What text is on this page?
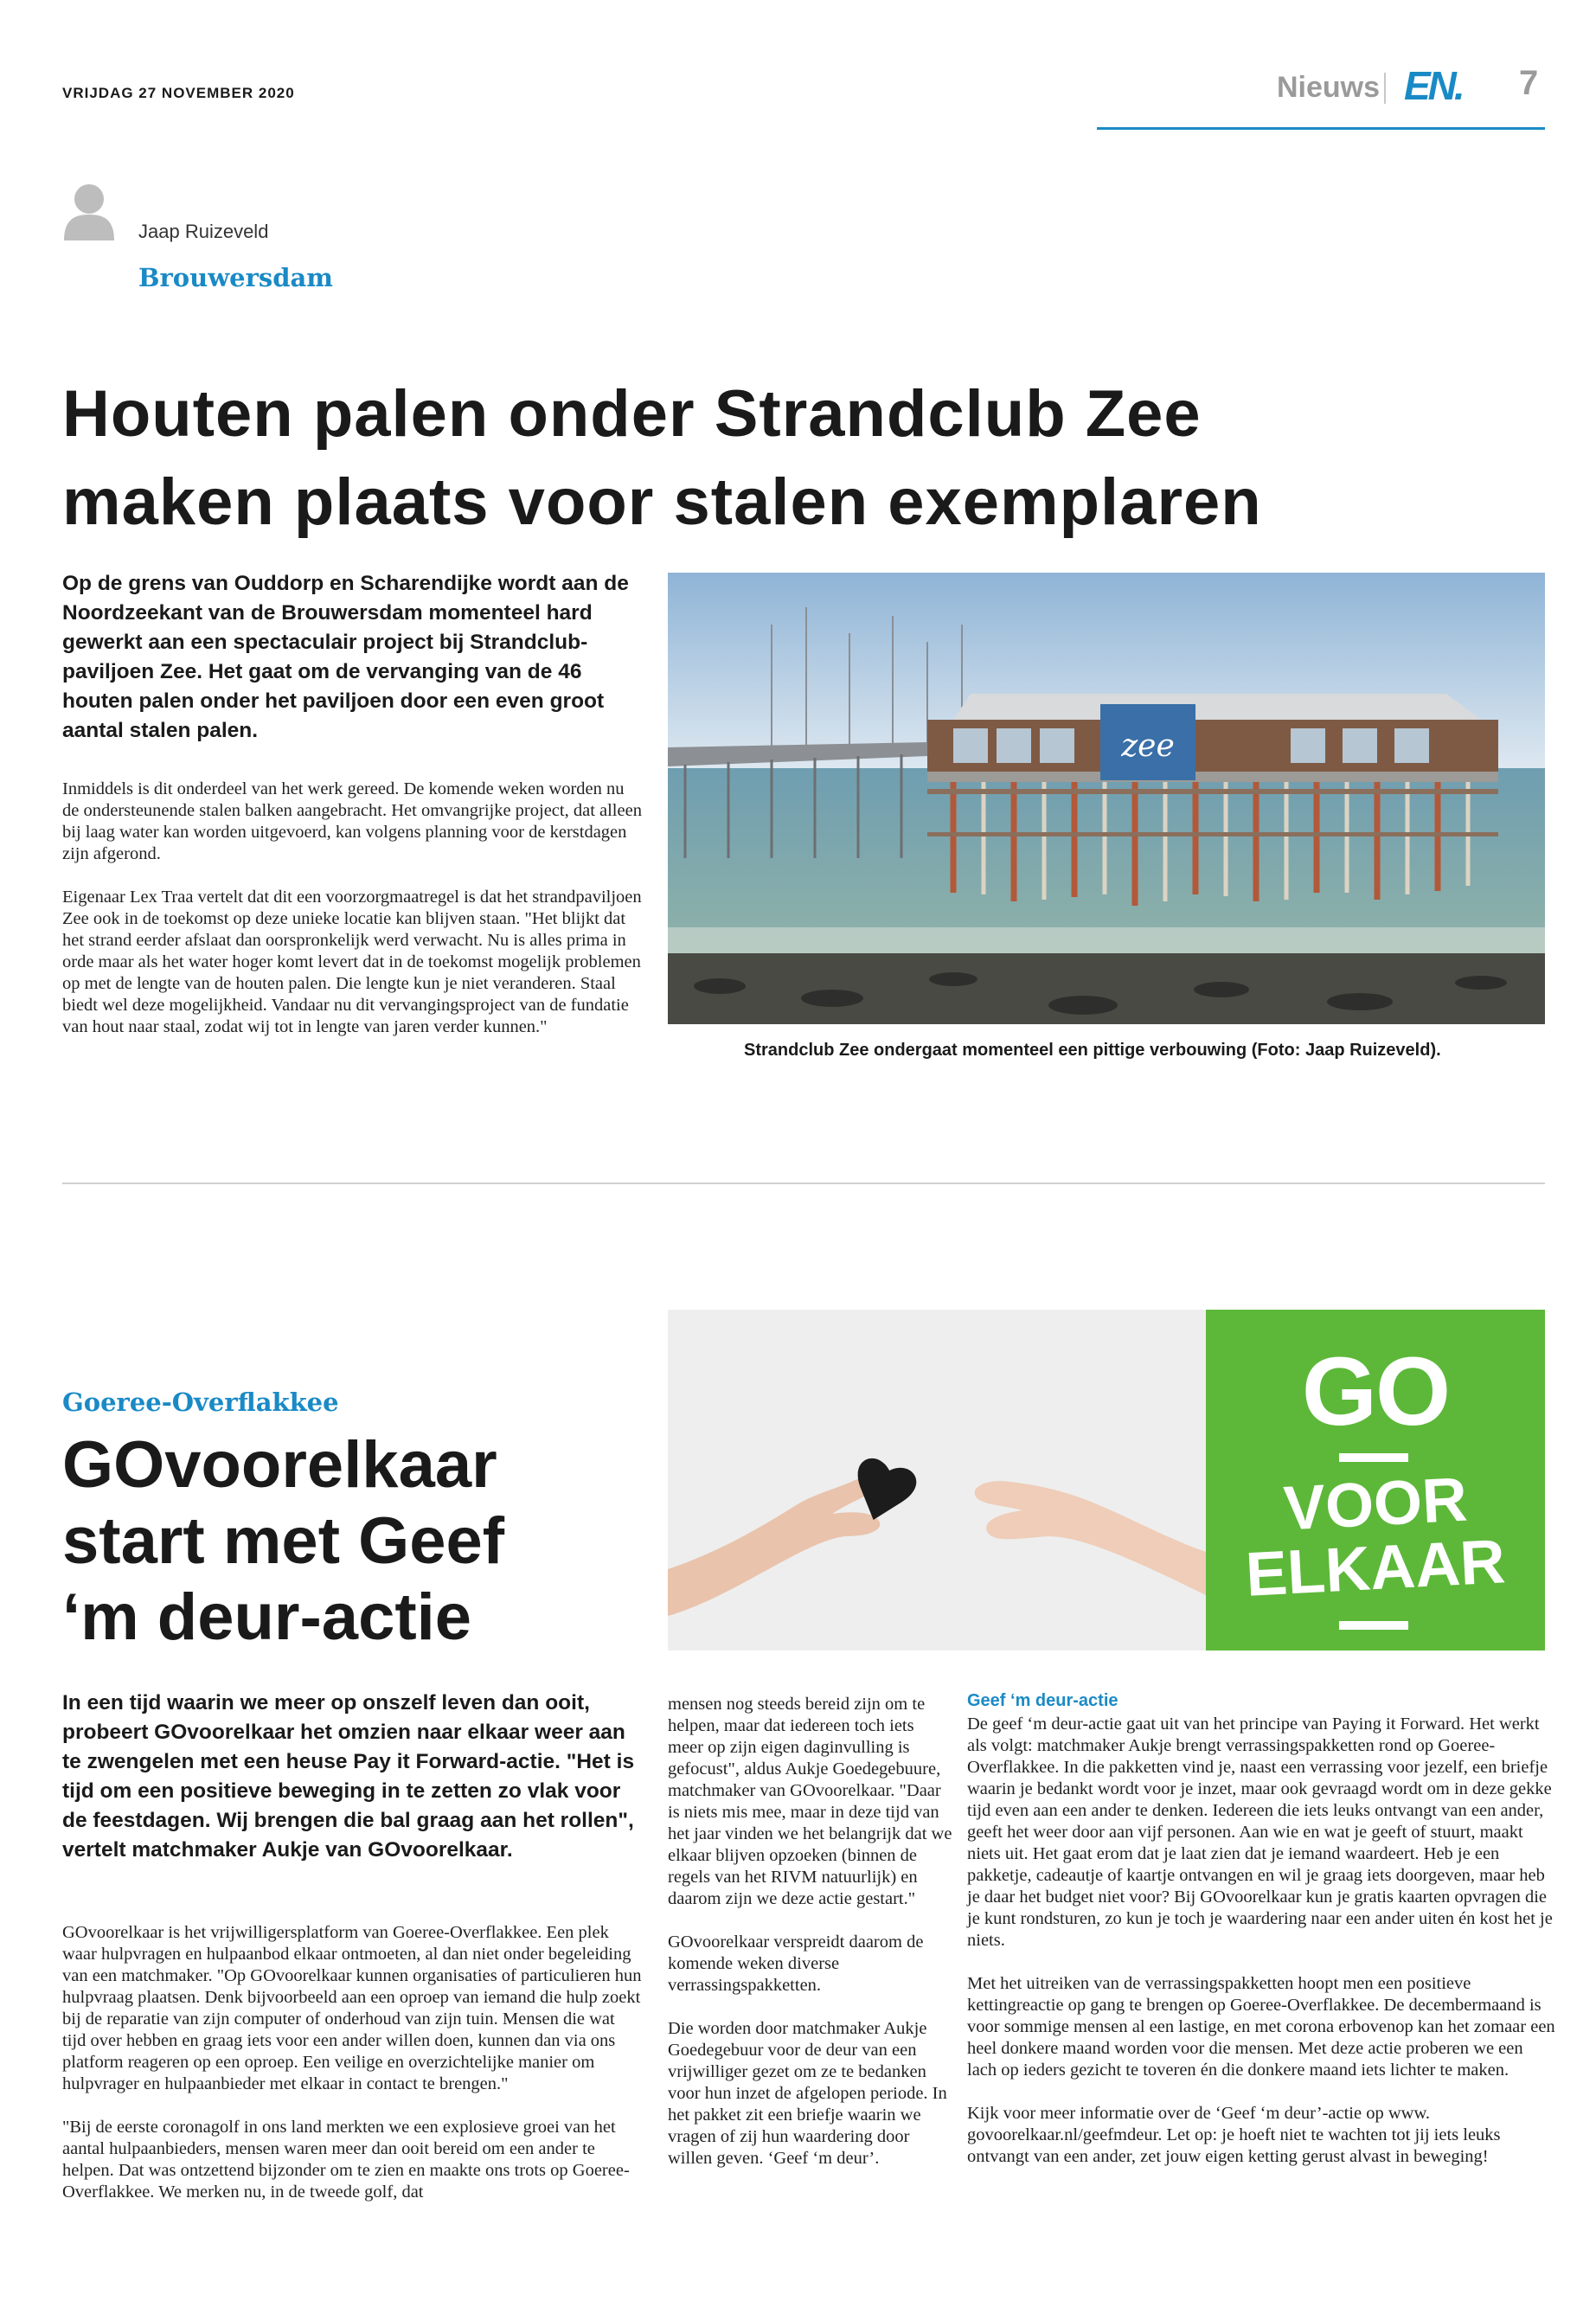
VRIJDAG 27 NOVEMBER 2020	Nieuws EN. 7
Jaap Ruizeveld
Brouwersdam
Houten palen onder Strandclub Zee
maken plaats voor stalen exemplaren
Op de grens van Ouddorp en Scharendijke wordt aan de Noordzeekant van de Brouwersdam momenteel hard gewerkt aan een spectaculair project bij Strandclub-paviljoen Zee. Het gaat om de vervanging van de 46 houten palen onder het paviljoen door een even groot aantal stalen palen.

Inmiddels is dit onderdeel van het werk gereed. De komende weken worden nu de ondersteunende stalen balken aangebracht. Het omvangrijke project, dat alleen bij laag water kan worden uitgevoerd, kan volgens planning voor de kerstdagen zijn afgerond.

Eigenaar Lex Traa vertelt dat dit een voorzorgmaatregel is dat het strandpaviljoen Zee ook in de toekomst op deze unieke locatie kan blijven staan. "Het blijkt dat het strand eerder afslaat dan oorspronkelijk werd verwacht. Nu is alles prima in orde maar als het water hoger komt levert dat in de toekomst mogelijk problemen op met de lengte van de houten palen. Die lengte kun je niet veranderen. Staal biedt wel deze mogelijkheid. Vandaar nu dit vervangingsproject van de fundatie van hout naar staal, zodat wij tot in lengte van jaren verder kunnen."

zee
Strandclub Zee ondergaat momenteel een pittige verbouwing (Foto: Jaap Ruizeveld).
GO
VOOR
ELKAAR
Goeree-Overflakkee
GOvoorelkaar
start met Geef
‘m deur-actie
In een tijd waarin we meer op onszelf leven dan ooit, probeert GOvoorelkaar het omzien naar elkaar weer aan te zwengelen met een heuse Pay it Forward-actie. "Het is tijd om een positieve beweging in te zetten zo vlak voor de feestdagen. Wij brengen die bal graag aan het rollen", vertelt matchmaker Aukje van GOvoorelkaar.

GOvoorelkaar is het vrijwilligersplatform van Goeree-Overflakkee. Een plek waar hulpvragen en hulpaanbod elkaar ontmoeten, al dan niet onder begeleiding van een matchmaker. "Op GOvoorelkaar kunnen organisaties of particulieren hun hulpvraag plaatsen. Denk bijvoorbeeld aan een oproep van iemand die hulp zoekt bij de reparatie van zijn computer of onderhoud van zijn tuin. Mensen die wat tijd over hebben en graag iets voor een ander willen doen, kunnen dan via ons platform reageren op een oproep. Een veilige en overzichtelijke manier om hulpvrager en hulpaanbieder met elkaar in contact te brengen."

"Bij de eerste coronagolf in ons land merkten we een explosieve groei van het aantal hulpaanbieders, mensen waren meer dan ooit bereid om een ander te helpen. Dat was ontzettend bijzonder om te zien en maakte ons trots op Goeree-Overflakkee. We merken nu, in de tweede golf, dat

mensen nog steeds bereid zijn om te helpen, maar dat iedereen toch iets meer op zijn eigen daginvulling is gefocust", aldus Aukje Goedegebuure, matchmaker van GOvoorelkaar. "Daar is niets mis mee, maar in deze tijd van het jaar vinden we het belangrijk dat we elkaar blijven opzoeken (binnen de regels van het RIVM natuurlijk) en daarom zijn we deze actie gestart."

GOvoorelkaar verspreidt daarom de komende weken diverse verrassingspakketten.

Die worden door matchmaker Aukje Goedegebuur voor de deur van een vrijwilliger gezet om ze te bedanken voor hun inzet de afgelopen periode. In het pakket zit een briefje waarin we vragen of zij hun waardering door willen geven. ‘Geef ‘m deur’.

Geef ‘m deur-actie

De geef ‘m deur-actie gaat uit van het principe van Paying it Forward. Het werkt als volgt: matchmaker Aukje brengt verrassingspakketten rond op Goeree-Overflakkee. In die pakketten vind je, naast een verrassing voor jezelf, een briefje waarin je bedankt wordt voor je inzet, maar ook gevraagd wordt om in deze gekke tijd even aan een ander te denken. Iedereen die iets leuks ontvangt van een ander, geeft het weer door aan vijf personen. Aan wie en wat je geeft of stuurt, maakt niets uit. Het gaat erom dat je laat zien dat je iemand waardeert. Heb je een pakketje, cadeautje of kaartje ontvangen en wil je graag iets doorgeven, maar heb je daar het budget niet voor? Bij GOvoorelkaar kun je gratis kaarten opvragen die je kunt rondsturen, zo kun je toch je waardering naar een ander uiten én kost het je niets.

Met het uitreiken van de verrassingspakketten hoopt men een positieve kettingreactie op gang te brengen op Goeree-Overflakkee. De decembermaand is voor sommige mensen al een lastige, en met corona erbovenop kan het zomaar een heel donkere maand worden voor die mensen. Met deze actie proberen we een lach op ieders gezicht te toveren én die donkere maand iets lichter te maken.

Kijk voor meer informatie over de ‘Geef ‘m deur’-actie op www. govoorelkaar.nl/geefmdeur. Let op: je hoeft niet te wachten tot jij iets leuks ontvangt van een ander, zet jouw eigen ketting gerust alvast in beweging!
